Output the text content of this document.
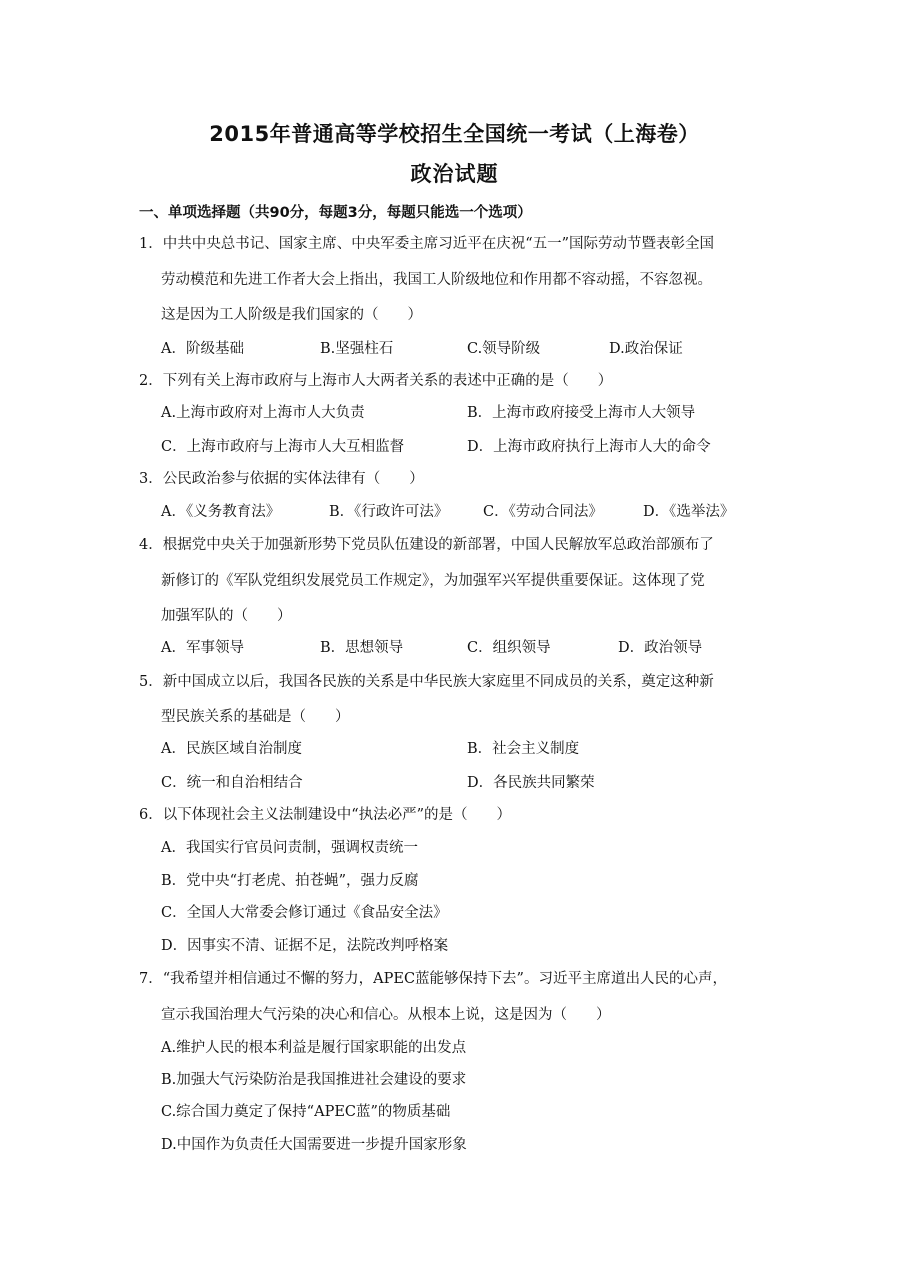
2015年普通高等学校招生全国统一考试（上海卷）
政治试题
一、单项选择题（共90分，每题3分，每题只能选一个选项）
1．中共中央总书记、国家主席、中央军委主席习近平在庆祝“五一”国际劳动节暨表彰全国
劳动模范和先进工作者大会上指出，我国工人阶级地位和作用都不容动摇，不容忽视。
这是因为工人阶级是我们国家的（　　）
A．阶级基础	B.坚强柱石	C.领导阶级	D.政治保证
2．下列有关上海市政府与上海市人大两者关系的表述中正确的是（　　）
A.上海市政府对上海市人大负责	B．上海市政府接受上海市人大领导
C．上海市政府与上海市人大互相监督	D．上海市政府执行上海市人大的命令
3．公民政治参与依据的实体法律有（　　）
A．《义务教育法》	B．《行政许可法》 C．《劳动合同法》	D．《选举法》
4．根据党中央关于加强新形势下党员队伍建设的新部署，中国人民解放军总政治部颁布了
新修订的《军队党组织发展党员工作规定》，为加强军兴军提供重要保证。这体现了党
加强军队的（　　）
A．军事领导	B．思想领导	C．组织领导	D．政治领导
5．新中国成立以后，我国各民族的关系是中华民族大家庭里不同成员的关系，奠定这种新
型民族关系的基础是（　　）
A．民族区域自治制度	B．社会主义制度
C．统一和自治相结合	D．各民族共同繁荣
6．以下体现社会主义法制建设中“执法必严”的是（　　）
A．我国实行官员问责制，强调权责统一
B．党中央“打老虎、拍苍蝇”，强力反腐
C．全国人大常委会修订通过《食品安全法》
D．因事实不清、证据不足，法院改判呼格案
7．“我希望并相信通过不懈的努力，APEC蓝能够保持下去”。习近平主席道出人民的心声，
宣示我国治理大气污染的决心和信心。从根本上说，这是因为（　　）
A.维护人民的根本利益是履行国家职能的出发点
B.加强大气污染防治是我国推进社会建设的要求
C.综合国力奠定了保持“APEC蓝”的物质基础
D.中国作为负责任大国需要进一步提升国家形象
